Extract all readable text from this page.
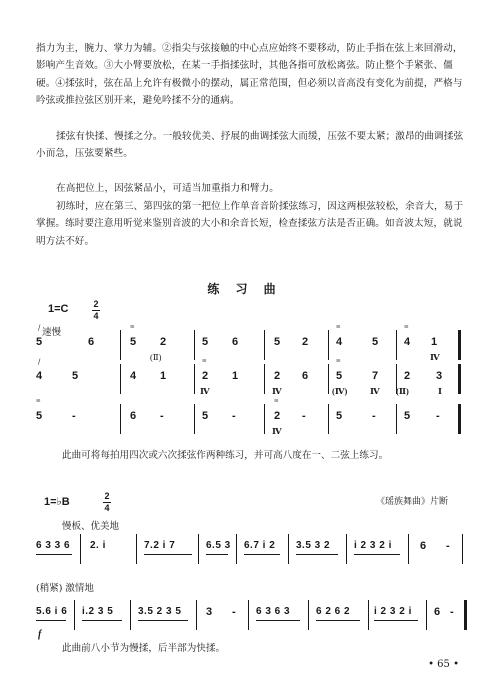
指力为主，腕力、掌力为辅。②指尖与弦接触的中心点应始终不要移动，防止手指在弦上来回滑动，影响产生音效。③大小臂要放松，在某一手指揉弦时，其他各指可放松离弦。防止整个手紧张、僵硬。④揉弦时，弦在品上允许有极微小的摆动，属正常范围，但必须以音高没有变化为前提，严格与吟弦或推拉弦区别开来，避免吟揉不分的通病。
揉弦有快揉、慢揉之分。一般较优美、抒展的曲调揉弦大而缓，压弦不要太紧；激昂的曲调揉弦小而急，压弦要紧些。
在高把位上，因弦紧品小，可适当加重指力和臂力。
初练时，应在第三、第四弦的第一把位上作单音音阶揉弦练习，因这两根弦较松，余音大，易于掌握。练时要注意用听觉来鉴别音波的大小和余音长短，检查揉弦方法是否正确。如音波太短，就说明方法不好。
练 习 曲
1=C	2
4
速慢
/
5	6
≡
5 2
(Ⅱ)
5 6	5 2
≡
4	5
≡
4 1
Ⅳ
/
4	5	4 1
≡
2 1
Ⅳ
2 6
Ⅳ
≡
5	7
(Ⅳ)	Ⅳ
2 3
(Ⅱ)	Ⅰ
≡
5	-	6 -	5 -
≡
2 -
Ⅳ
5	-	5 -
此曲可将每拍用四次或六次揉弦作两种练习，并可高八度在一、二弦上练习。
1=♭B	2
4
《瑶族舞曲》片断
慢板、优美地
6 3 3 6 2. i	7.2 i 7	6.5 3 6.7 i 2 3.5 3 2 i 2 3 2 i	6 -
(稍紧) 激情地
5.6 i 6 i.2 3 5 3.5 2 3 5 3 - 6 3 6 3	6 2 6 2 i 2 3 2 i 6 -
f
此曲前八小节为慢揉，后半部为快揉。
• 65 •
